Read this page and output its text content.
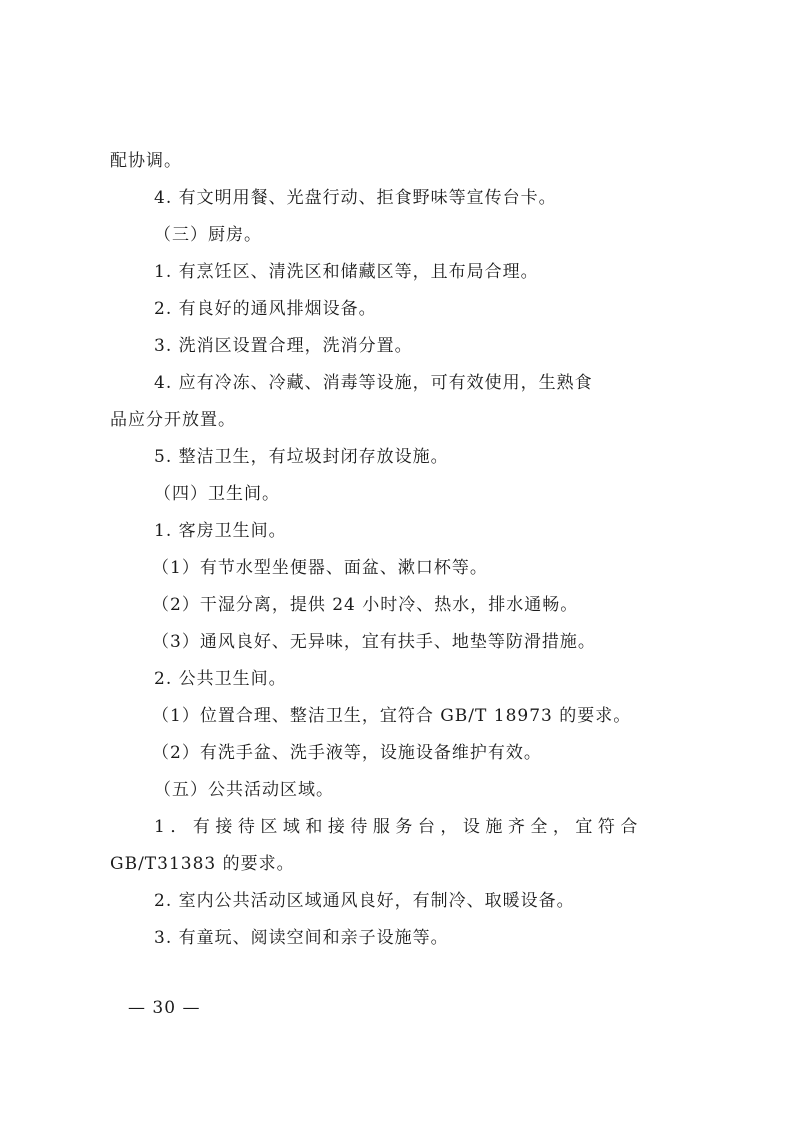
配协调。
4. 有文明用餐、光盘行动、拒食野味等宣传台卡。
（三）厨房。
1. 有烹饪区、清洗区和储藏区等，且布局合理。
2. 有良好的通风排烟设备。
3. 洗消区设置合理，洗消分置。
4. 应有冷冻、冷藏、消毒等设施，可有效使用，生熟食
品应分开放置。
5. 整洁卫生，有垃圾封闭存放设施。
（四）卫生间。
1. 客房卫生间。
（1）有节水型坐便器、面盆、漱口杯等。
（2）干湿分离，提供 24 小时冷、热水，排水通畅。
（3）通风良好、无异味，宜有扶手、地垫等防滑措施。
2. 公共卫生间。
（1）位置合理、整洁卫生，宜符合 GB/T 18973 的要求。
（2）有洗手盆、洗手液等，设施设备维护有效。
（五）公共活动区域。
1．有接待区域和接待服务台，设施齐全，宜符合
GB/T31383 的要求。
2. 室内公共活动区域通风良好，有制冷、取暖设备。
3. 有童玩、阅读空间和亲子设施等。
— 30 —
